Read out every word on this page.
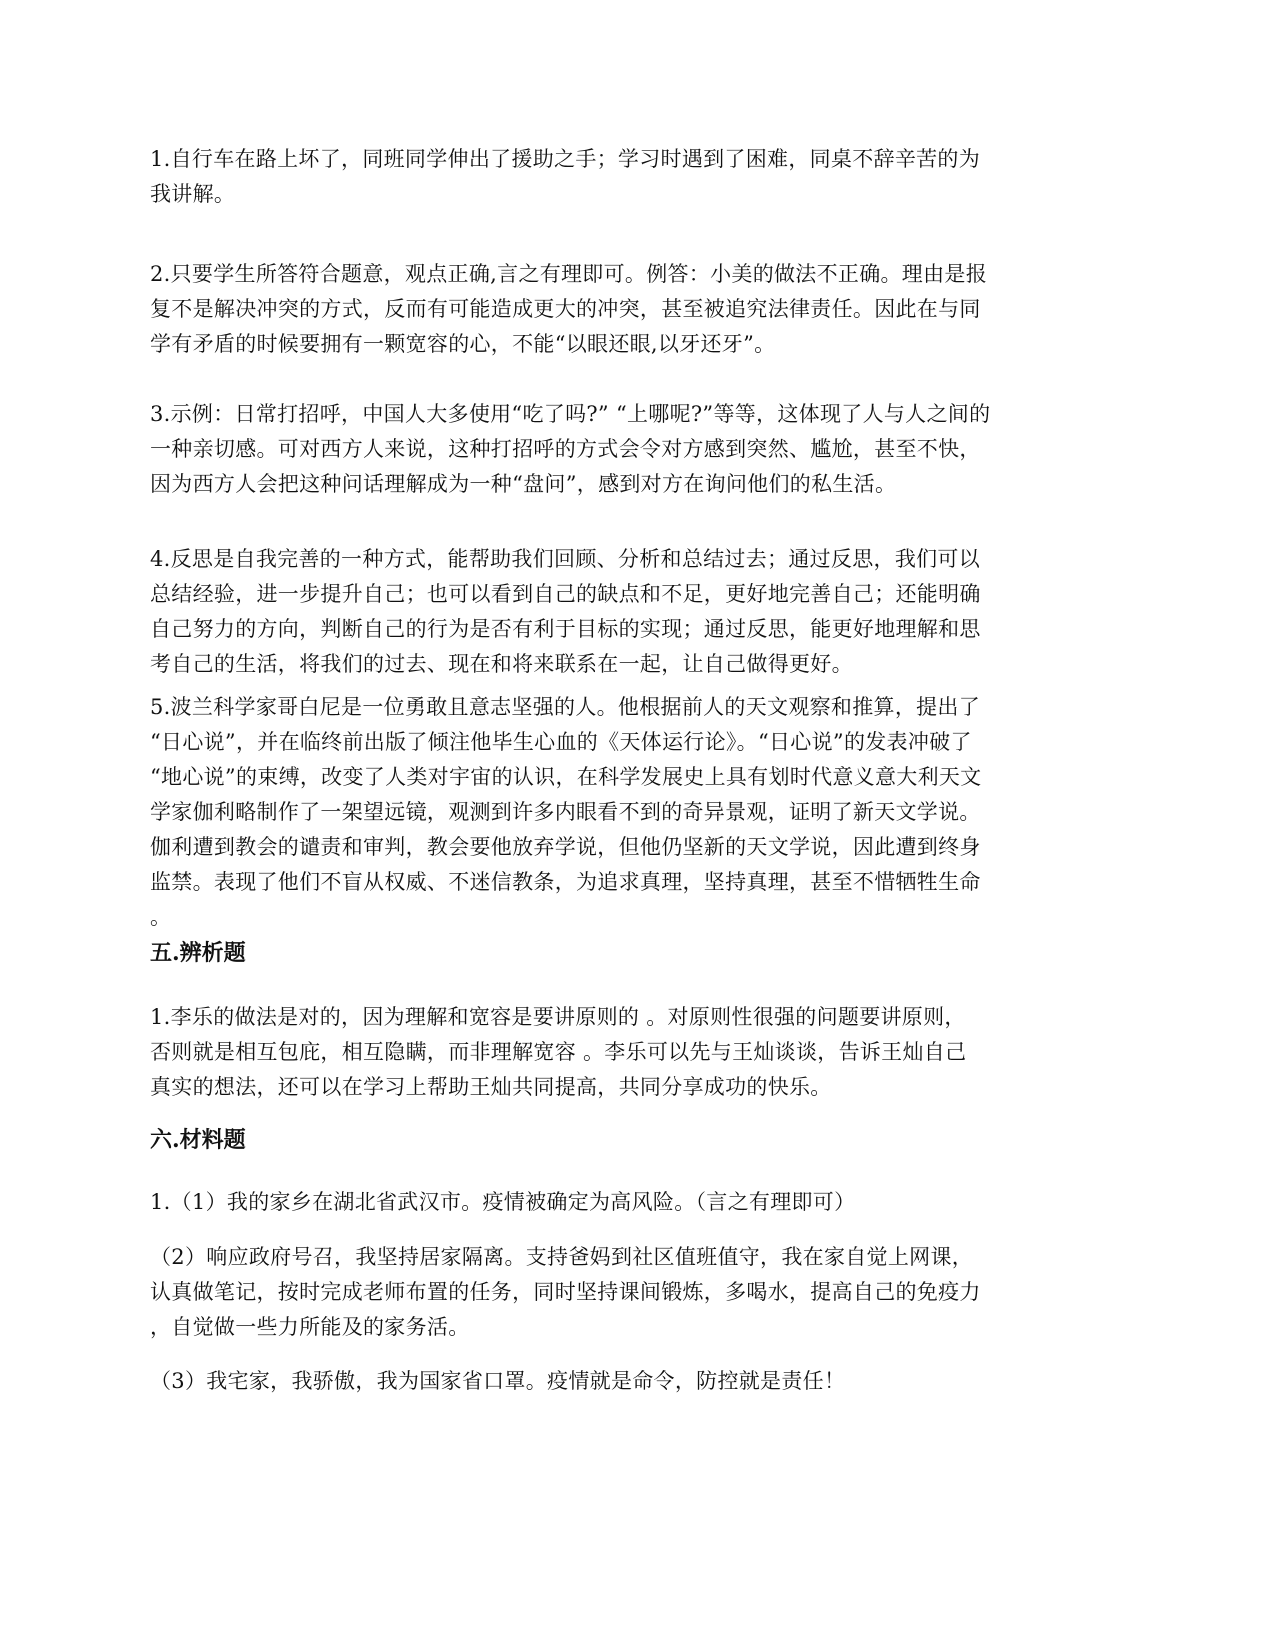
1.自行车在路上坏了，同班同学伸出了援助之手；学习时遇到了困难，同桌不辞辛苦的为
我讲解。
2.只要学生所答符合题意，观点正确,言之有理即可。例答：小美的做法不正确。理由是报
复不是解决冲突的方式，反而有可能造成更大的冲突，甚至被追究法律责任。因此在与同
学有矛盾的时候要拥有一颗宽容的心，不能“以眼还眼,以牙还牙”。
3.示例：日常打招呼，中国人大多使用“吃了吗?” “上哪呢?”等等，这体现了人与人之间的
一种亲切感。可对西方人来说，这种打招呼的方式会令对方感到突然、尴尬，甚至不快，
因为西方人会把这种问话理解成为一种“盘问”，感到对方在询问他们的私生活。
4.反思是自我完善的一种方式，能帮助我们回顾、分析和总结过去；通过反思，我们可以
总结经验，进一步提升自己；也可以看到自己的缺点和不足，更好地完善自己；还能明确
自己努力的方向，判断自己的行为是否有利于目标的实现；通过反思，能更好地理解和思
考自己的生活，将我们的过去、现在和将来联系在一起，让自己做得更好。
5.波兰科学家哥白尼是一位勇敢且意志坚强的人。他根据前人的天文观察和推算，提出了
“日心说”，并在临终前出版了倾注他毕生心血的《天体运行论》。“日心说”的发表冲破了
“地心说”的束缚，改变了人类对宇宙的认识，在科学发展史上具有划时代意义意大利天文
学家伽利略制作了一架望远镜，观测到许多内眼看不到的奇异景观，证明了新天文学说。
伽利遭到教会的谴责和审判，教会要他放弃学说，但他仍坚新的天文学说，因此遭到终身
监禁。表现了他们不盲从权威、不迷信教条，为追求真理，坚持真理，甚至不惜牺牲生命
。
五.辨析题
1.李乐的做法是对的，因为理解和宽容是要讲原则的 。对原则性很强的问题要讲原则，
否则就是相互包庇，相互隐瞒，而非理解宽容 。李乐可以先与王灿谈谈，告诉王灿自己
真实的想法，还可以在学习上帮助王灿共同提高，共同分享成功的快乐。
六.材料题
1.（1）我的家乡在湖北省武汉市。疫情被确定为高风险。（言之有理即可）
（2）响应政府号召，我坚持居家隔离。支持爸妈到社区值班值守，我在家自觉上网课，
认真做笔记，按时完成老师布置的任务，同时坚持课间锻炼，多喝水，提高自己的免疫力
，自觉做一些力所能及的家务活。
（3）我宅家，我骄傲，我为国家省口罩。疫情就是命令，防控就是责任！
